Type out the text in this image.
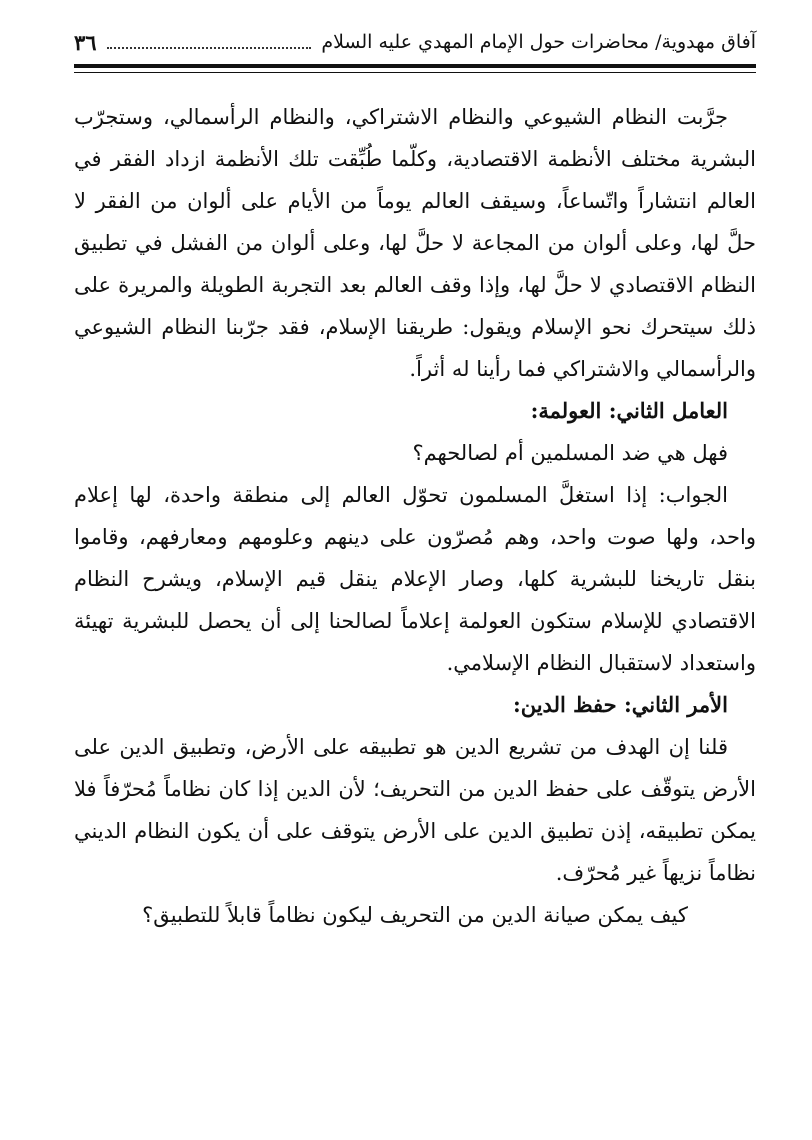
آفاق مهدوية/ محاضرات حول الإمام المهدي عليه السلام
٣٦

جرَّبت النظام الشيوعي والنظام الاشتراكي، والنظام الرأسمالي، وستجرّب البشرية مختلف الأنظمة الاقتصادية، وكلّما طُبِّقت تلك الأنظمة ازداد الفقر في العالم انتشاراً واتّساعاً، وسيقف العالم يوماً من الأيام على ألوان من الفقر لا حلَّ لها، وعلى ألوان من المجاعة لا حلَّ لها، وعلى ألوان من الفشل في تطبيق النظام الاقتصادي لا حلَّ لها، وإذا وقف العالم بعد التجربة الطويلة والمريرة على ذلك سيتحرك نحو الإسلام ويقول: طريقنا الإسلام، فقد جرّبنا النظام الشيوعي والرأسمالي والاشتراكي فما رأينا له أثراً.

العامل الثاني: العولمة:

فهل هي ضد المسلمين أم لصالحهم؟

الجواب: إذا استغلَّ المسلمون تحوّل العالم إلى منطقة واحدة، لها إعلام واحد، ولها صوت واحد، وهم مُصرّون على دينهم وعلومهم ومعارفهم، وقاموا بنقل تاريخنا للبشرية كلها، وصار الإعلام ينقل قيم الإسلام، ويشرح النظام الاقتصادي للإسلام ستكون العولمة إعلاماً لصالحنا إلى أن يحصل للبشرية تهيئة واستعداد لاستقبال النظام الإسلامي.

الأمر الثاني: حفظ الدين:

قلنا إن الهدف من تشريع الدين هو تطبيقه على الأرض، وتطبيق الدين على الأرض يتوقّف على حفظ الدين من التحريف؛ لأن الدين إذا كان نظاماً مُحرّفاً فلا يمكن تطبيقه، إذن تطبيق الدين على الأرض يتوقف على أن يكون النظام الديني نظاماً نزيهاً غير مُحرّف.

كيف يمكن صيانة الدين من التحريف ليكون نظاماً قابلاً للتطبيق؟
